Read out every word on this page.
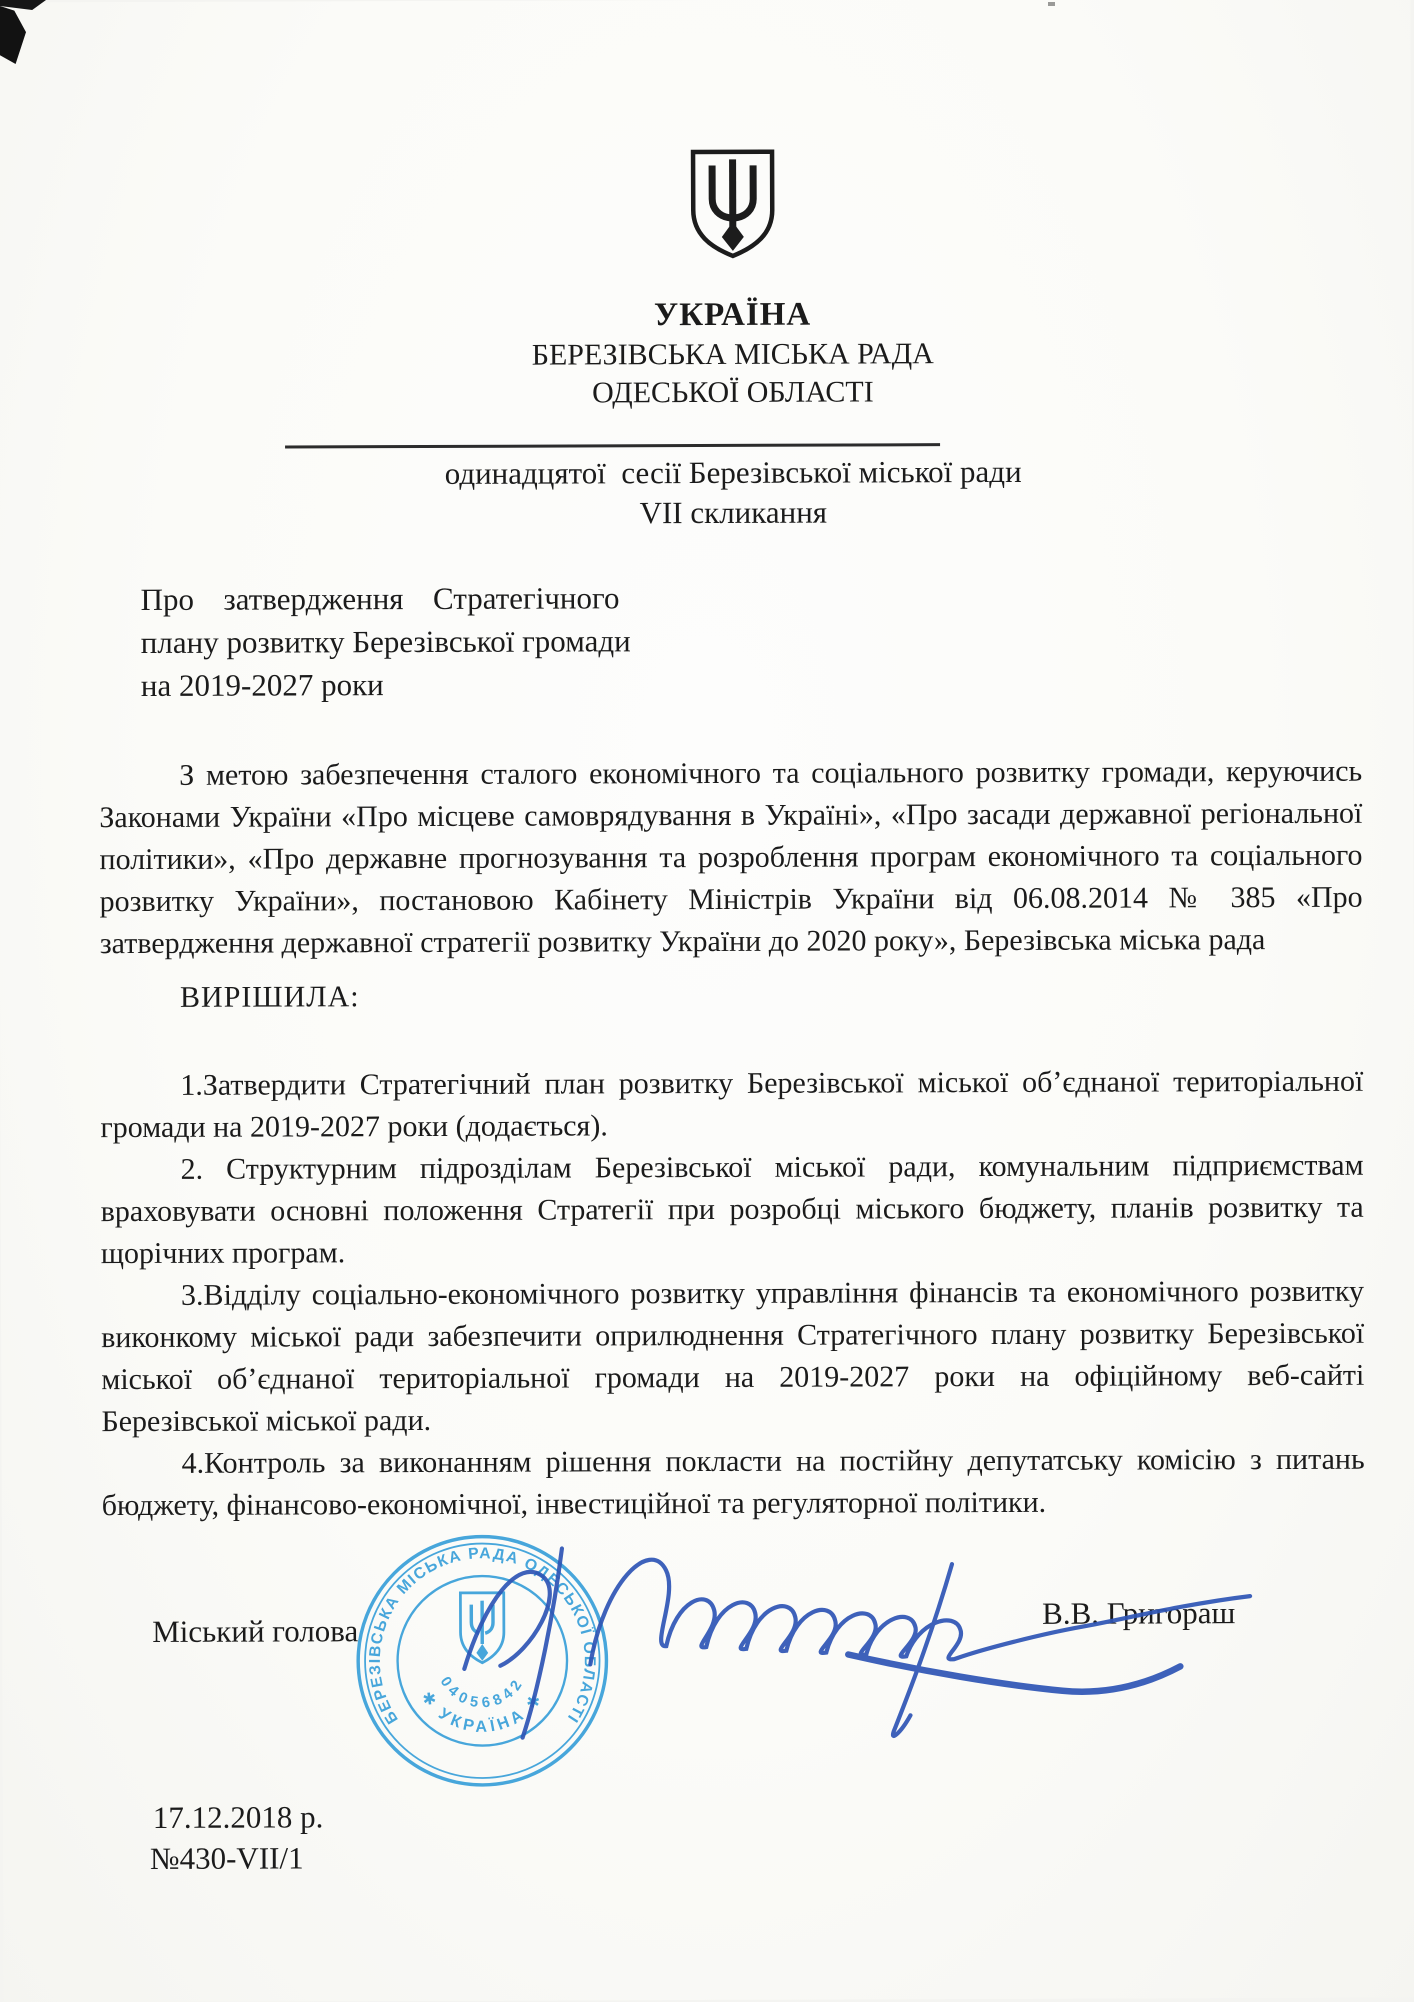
УКРАЇНА
БЕРЕЗІВСЬКА МІСЬКА РАДА
ОДЕСЬКОЇ ОБЛАСТІ
одинадцятої  сесії Березівської міської ради
VII скликання
Про  затвердження  Стратегічного
плану розвитку Березівської громади
на 2019-2027 роки

З метою забезпечення сталого економічного та соціального розвитку громади, керуючись Законами України «Про місцеве самоврядування в Україні», «Про засади державної регіональної політики», «Про державне прогнозування та розроблення програм економічного та соціального розвитку України», постановою Кабінету Міністрів України від 06.08.2014 № 385 «Про затвердження державної стратегії розвитку України до 2020 року», Березівська міська рада

ВИРІШИЛА:

1.Затвердити Стратегічний план розвитку Березівської міської об’єднаної територіальної громади на 2019-2027 роки (додається).

2. Структурним підрозділам Березівської міської ради, комунальним підприємствам враховувати основні положення Стратегії при розробці міського бюджету, планів розвитку та щорічних програм.

3.Відділу соціально-економічного розвитку управління фінансів та економічного розвитку виконкому міської ради забезпечити оприлюднення Стратегічного плану розвитку Березівської міської об’єднаної територіальної громади на 2019-2027 роки на офіційному веб-сайті Березівської міської ради.

4.Контроль за виконанням рішення покласти на постійну депутатську комісію з питань бюджету, фінансово-економічної, інвестиційної та регуляторної політики.

Міський голова
В.В. Григораш
БЕРЕЗІВСЬКА МІСЬКА РАДА ОДЕСЬКОЇ ОБЛАСТІ
04056842
✱ УКРАЇНА ✱
17.12.2018 р.
№430-VII/1
